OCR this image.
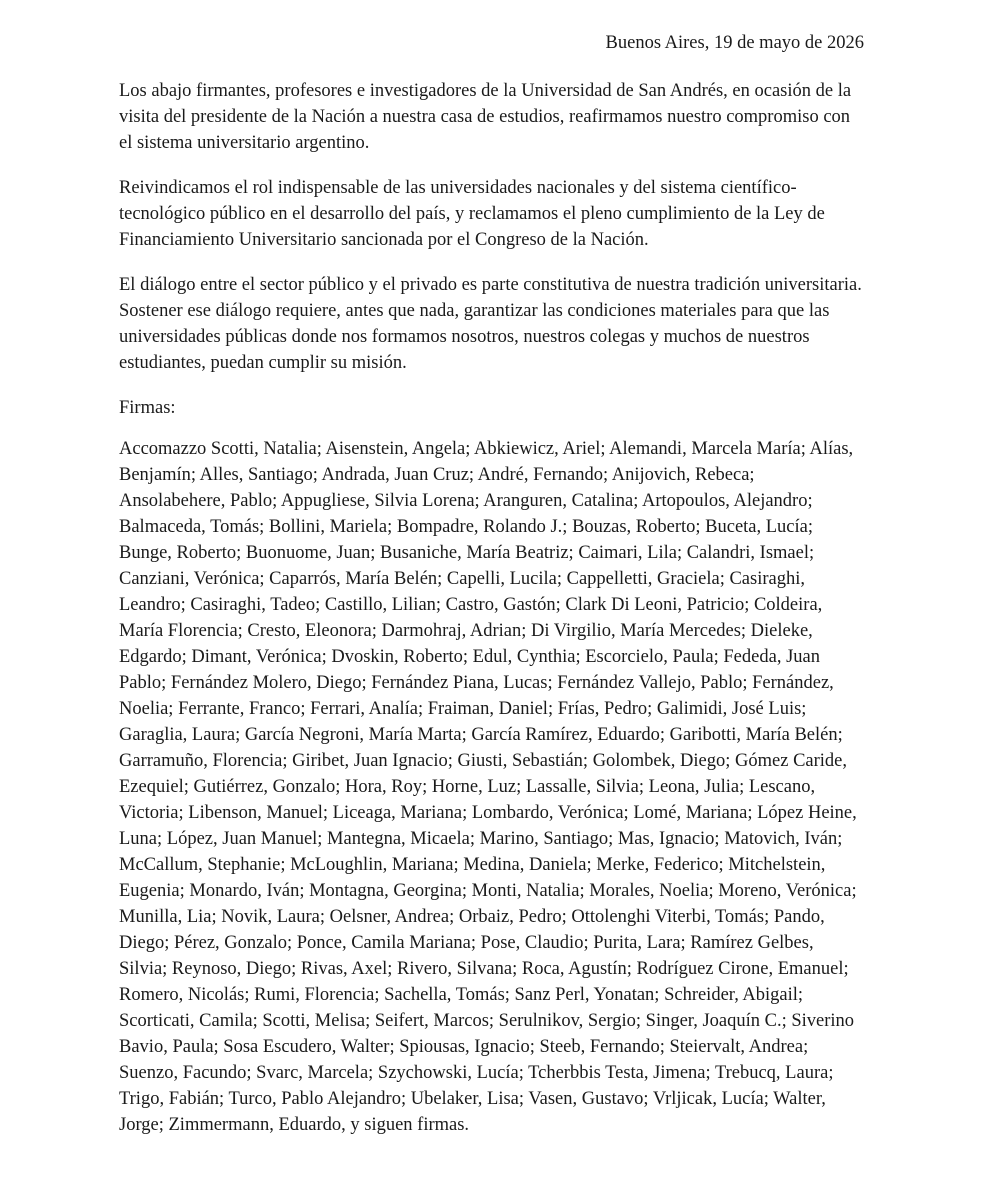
Buenos Aires, 19 de mayo de 2026

Los abajo firmantes, profesores e investigadores de la Universidad de San Andrés, en ocasión de la visita del presidente de la Nación a nuestra casa de estudios, reafirmamos nuestro compromiso con el sistema universitario argentino.

Reivindicamos el rol indispensable de las universidades nacionales y del sistema científico-tecnológico público en el desarrollo del país, y reclamamos el pleno cumplimiento de la Ley de Financiamiento Universitario sancionada por el Congreso de la Nación.

El diálogo entre el sector público y el privado es parte constitutiva de nuestra tradición universitaria. Sostener ese diálogo requiere, antes que nada, garantizar las condiciones materiales para que las universidades públicas donde nos formamos nosotros, nuestros colegas y muchos de nuestros estudiantes, puedan cumplir su misión.

Firmas:

Accomazzo Scotti, Natalia; Aisenstein, Angela; Abkiewicz, Ariel; Alemandi, Marcela María; Alías, Benjamín; Alles, Santiago; Andrada, Juan Cruz; André, Fernando; Anijovich, Rebeca; Ansolabehere, Pablo; Appugliese, Silvia Lorena; Aranguren, Catalina; Artopoulos, Alejandro; Balmaceda, Tomás; Bollini, Mariela; Bompadre, Rolando J.; Bouzas, Roberto; Buceta, Lucía; Bunge, Roberto; Buonuome, Juan; Busaniche, María Beatriz; Caimari, Lila; Calandri, Ismael; Canziani, Verónica; Caparrós, María Belén; Capelli, Lucila; Cappelletti, Graciela; Casiraghi, Leandro; Casiraghi, Tadeo; Castillo, Lilian; Castro, Gastón; Clark Di Leoni, Patricio; Coldeira, María Florencia; Cresto, Eleonora; Darmohraj, Adrian; Di Virgilio, María Mercedes; Dieleke, Edgardo; Dimant, Verónica; Dvoskin, Roberto; Edul, Cynthia; Escorcielo, Paula; Fededa, Juan Pablo; Fernández Molero, Diego; Fernández Piana, Lucas; Fernández Vallejo, Pablo; Fernández, Noelia; Ferrante, Franco; Ferrari, Analía; Fraiman, Daniel; Frías, Pedro; Galimidi, José Luis; Garaglia, Laura; García Negroni, María Marta; García Ramírez, Eduardo; Garibotti, María Belén; Garramuño, Florencia; Giribet, Juan Ignacio; Giusti, Sebastián; Golombek, Diego; Gómez Caride, Ezequiel; Gutiérrez, Gonzalo; Hora, Roy; Horne, Luz; Lassalle, Silvia; Leona, Julia; Lescano, Victoria; Libenson, Manuel; Liceaga, Mariana; Lombardo, Verónica; Lomé, Mariana; López Heine, Luna; López, Juan Manuel; Mantegna, Micaela; Marino, Santiago; Mas, Ignacio; Matovich, Iván; McCallum, Stephanie; McLoughlin, Mariana; Medina, Daniela; Merke, Federico; Mitchelstein, Eugenia; Monardo, Iván; Montagna, Georgina; Monti, Natalia; Morales, Noelia; Moreno, Verónica; Munilla, Lia; Novik, Laura; Oelsner, Andrea; Orbaiz, Pedro; Ottolenghi Viterbi, Tomás; Pando, Diego; Pérez, Gonzalo; Ponce, Camila Mariana; Pose, Claudio; Purita, Lara; Ramírez Gelbes, Silvia; Reynoso, Diego; Rivas, Axel; Rivero, Silvana; Roca, Agustín; Rodríguez Cirone, Emanuel; Romero, Nicolás; Rumi, Florencia; Sachella, Tomás; Sanz Perl, Yonatan; Schreider, Abigail; Scorticati, Camila; Scotti, Melisa; Seifert, Marcos; Serulnikov, Sergio; Singer, Joaquín C.; Siverino Bavio, Paula; Sosa Escudero, Walter; Spiousas, Ignacio; Steeb, Fernando; Steiervalt, Andrea; Suenzo, Facundo; Svarc, Marcela; Szychowski, Lucía; Tcherbbis Testa, Jimena; Trebucq, Laura; Trigo, Fabián; Turco, Pablo Alejandro; Ubelaker, Lisa; Vasen, Gustavo; Vrljicak, Lucía; Walter, Jorge; Zimmermann, Eduardo, y siguen firmas.
